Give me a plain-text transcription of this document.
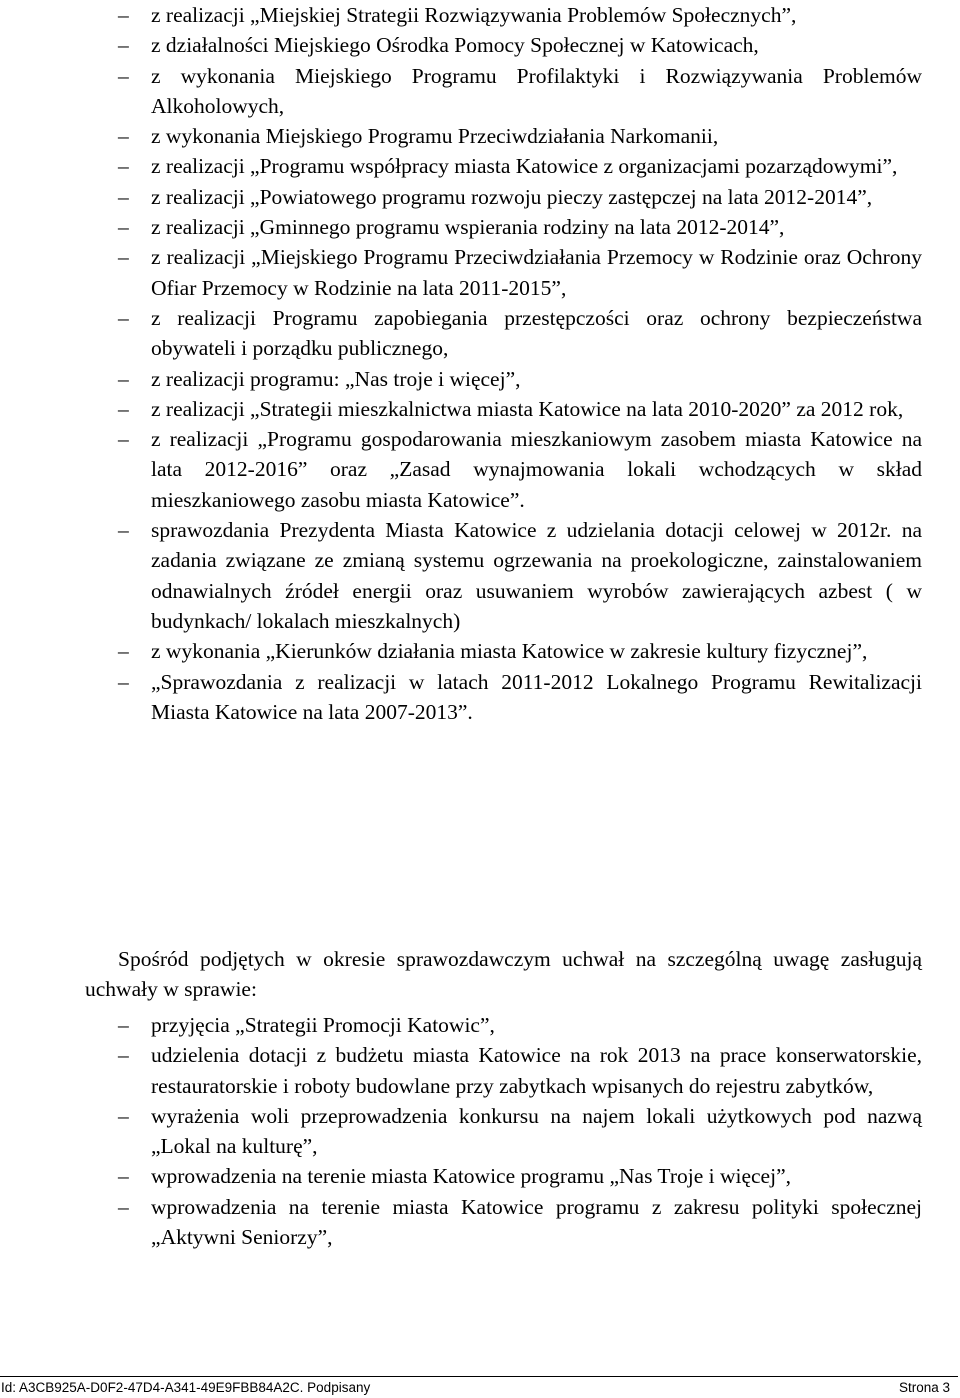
– z realizacji „Miejskiej Strategii Rozwiązywania Problemów Społecznych”,
– z działalności Miejskiego Ośrodka Pomocy Społecznej w Katowicach,
– z wykonania Miejskiego Programu Profilaktyki i Rozwiązywania Problemów Alkoholowych,
– z wykonania Miejskiego Programu Przeciwdziałania Narkomanii,
– z realizacji „Programu współpracy miasta Katowice z organizacjami pozarządowymi”,
– z realizacji „Powiatowego programu rozwoju pieczy zastępczej na lata 2012-2014”,
– z realizacji „Gminnego programu wspierania rodziny na lata 2012-2014”,
– z realizacji „Miejskiego Programu Przeciwdziałania Przemocy w Rodzinie oraz Ochrony Ofiar Przemocy w Rodzinie na lata 2011-2015”,
– z realizacji Programu zapobiegania przestępczości oraz ochrony bezpieczeństwa obywateli i porządku publicznego,
– z realizacji programu: „Nas troje i więcej”,
– z realizacji „Strategii mieszkalnictwa miasta Katowice na lata 2010-2020” za 2012 rok,
– z realizacji „Programu gospodarowania mieszkaniowym zasobem miasta Katowice na lata 2012-2016” oraz „Zasad wynajmowania lokali wchodzących w skład mieszkaniowego zasobu miasta Katowice”.
– sprawozdania Prezydenta Miasta Katowice z udzielania dotacji celowej w 2012r. na zadania związane ze zmianą systemu ogrzewania na proekologiczne, zainstalowaniem odnawialnych źródeł energii oraz usuwaniem wyrobów zawierających azbest ( w budynkach/ lokalach mieszkalnych)
– z wykonania „Kierunków działania miasta Katowice w zakresie kultury fizycznej”,
– „Sprawozdania z realizacji w latach 2011-2012 Lokalnego Programu Rewitalizacji Miasta Katowice na lata 2007-2013”.

Spośród podjętych w okresie sprawozdawczym uchwał na szczególną uwagę zasługują uchwały w sprawie:

– przyjęcia „Strategii Promocji Katowic”,
– udzielenia dotacji z budżetu miasta Katowice na rok 2013 na prace konserwatorskie, restauratorskie i roboty budowlane przy zabytkach wpisanych do rejestru zabytków,
– wyrażenia woli przeprowadzenia konkursu na najem lokali użytkowych pod nazwą „Lokal na kulturę”,
– wprowadzenia na terenie miasta Katowice programu „Nas Troje i więcej”,
– wprowadzenia na terenie miasta Katowice programu z zakresu polityki społecznej „Aktywni Seniorzy”,
Id: A3CB925A-D0F2-47D4-A341-49E9FBB84A2C. Podpisany	Strona 3
